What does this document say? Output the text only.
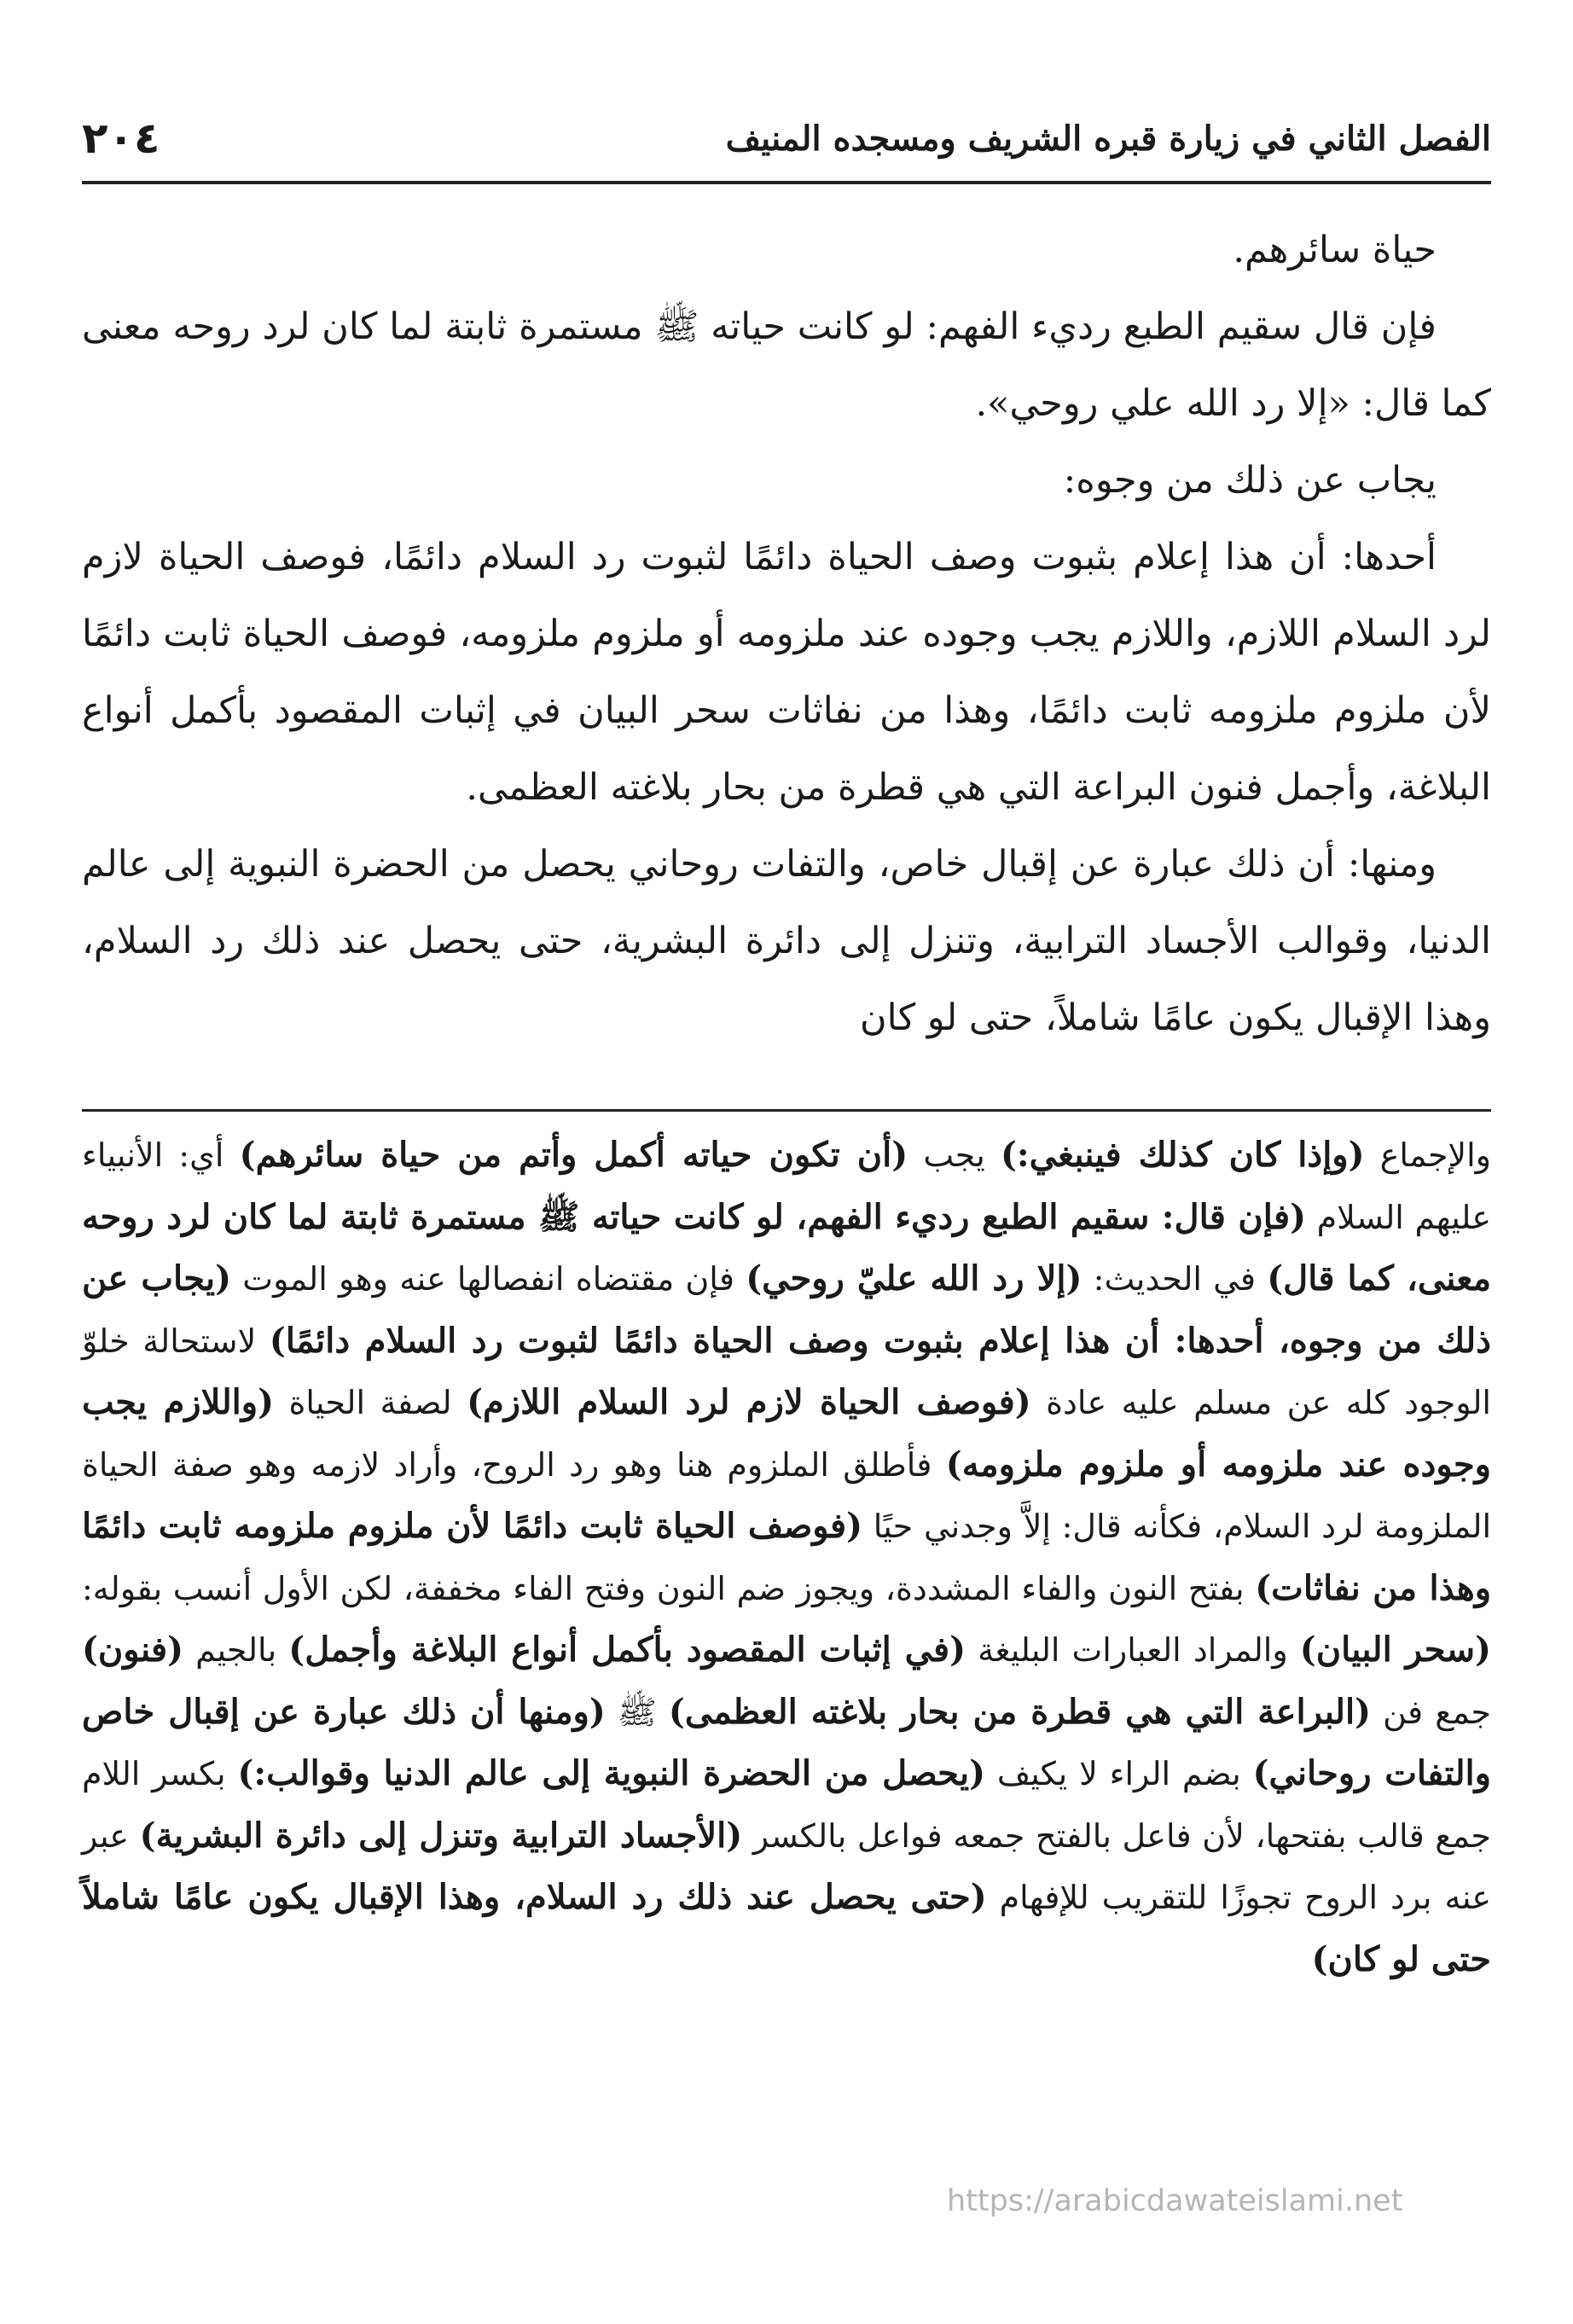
الفصل الثاني في زيارة قبره الشريف ومسجده المنيف
٢٠٤

حياة سائرهم.

فإن قال سقيم الطبع رديء الفهم: لو كانت حياته ﷺ مستمرة ثابتة لما كان لرد روحه معنى كما قال: «إلا رد الله علي روحي».

يجاب عن ذلك من وجوه:

أحدها: أن هذا إعلام بثبوت وصف الحياة دائمًا لثبوت رد السلام دائمًا، فوصف الحياة لازم لرد السلام اللازم، واللازم يجب وجوده عند ملزومه أو ملزوم ملزومه، فوصف الحياة ثابت دائمًا لأن ملزوم ملزومه ثابت دائمًا، وهذا من نفاثات سحر البيان في إثبات المقصود بأكمل أنواع البلاغة، وأجمل فنون البراعة التي هي قطرة من بحار بلاغته العظمى.

ومنها: أن ذلك عبارة عن إقبال خاص، والتفات روحاني يحصل من الحضرة النبوية إلى عالم الدنيا، وقوالب الأجساد الترابية، وتنزل إلى دائرة البشرية، حتى يحصل عند ذلك رد السلام، وهذا الإقبال يكون عامًا شاملاً، حتى لو كان

والإجماع (وإذا كان كذلك فينبغي:) يجب (أن تكون حياته أكمل وأتم من حياة سائرهم) أي: الأنبياء عليهم السلام (فإن قال: سقيم الطبع رديء الفهم، لو كانت حياته ﷺ مستمرة ثابتة لما كان لرد روحه معنى، كما قال) في الحديث: (إلا رد الله عليّ روحي) فإن مقتضاه انفصالها عنه وهو الموت (يجاب عن ذلك من وجوه، أحدها: أن هذا إعلام بثبوت وصف الحياة دائمًا لثبوت رد السلام دائمًا) لاستحالة خلوّ الوجود كله عن مسلم عليه عادة (فوصف الحياة لازم لرد السلام اللازم) لصفة الحياة (واللازم يجب وجوده عند ملزومه أو ملزوم ملزومه) فأطلق الملزوم هنا وهو رد الروح، وأراد لازمه وهو صفة الحياة الملزومة لرد السلام، فكأنه قال: إلاَّ وجدني حيًا (فوصف الحياة ثابت دائمًا لأن ملزوم ملزومه ثابت دائمًا وهذا من نفاثات) بفتح النون والفاء المشددة، ويجوز ضم النون وفتح الفاء مخففة، لكن الأول أنسب بقوله: (سحر البيان) والمراد العبارات البليغة (في إثبات المقصود بأكمل أنواع البلاغة وأجمل) بالجيم (فنون) جمع فن (البراعة التي هي قطرة من بحار بلاغته العظمى) ﷺ (ومنها أن ذلك عبارة عن إقبال خاص والتفات روحاني) بضم الراء لا يكيف (يحصل من الحضرة النبوية إلى عالم الدنيا وقوالب:) بكسر اللام جمع قالب بفتحها، لأن فاعل بالفتح جمعه فواعل بالكسر (الأجساد الترابية وتنزل إلى دائرة البشرية) عبر عنه برد الروح تجوزًا للتقريب للإفهام (حتى يحصل عند ذلك رد السلام، وهذا الإقبال يكون عامًا شاملاً حتى لو كان)
https://arabicdawateislami.net
